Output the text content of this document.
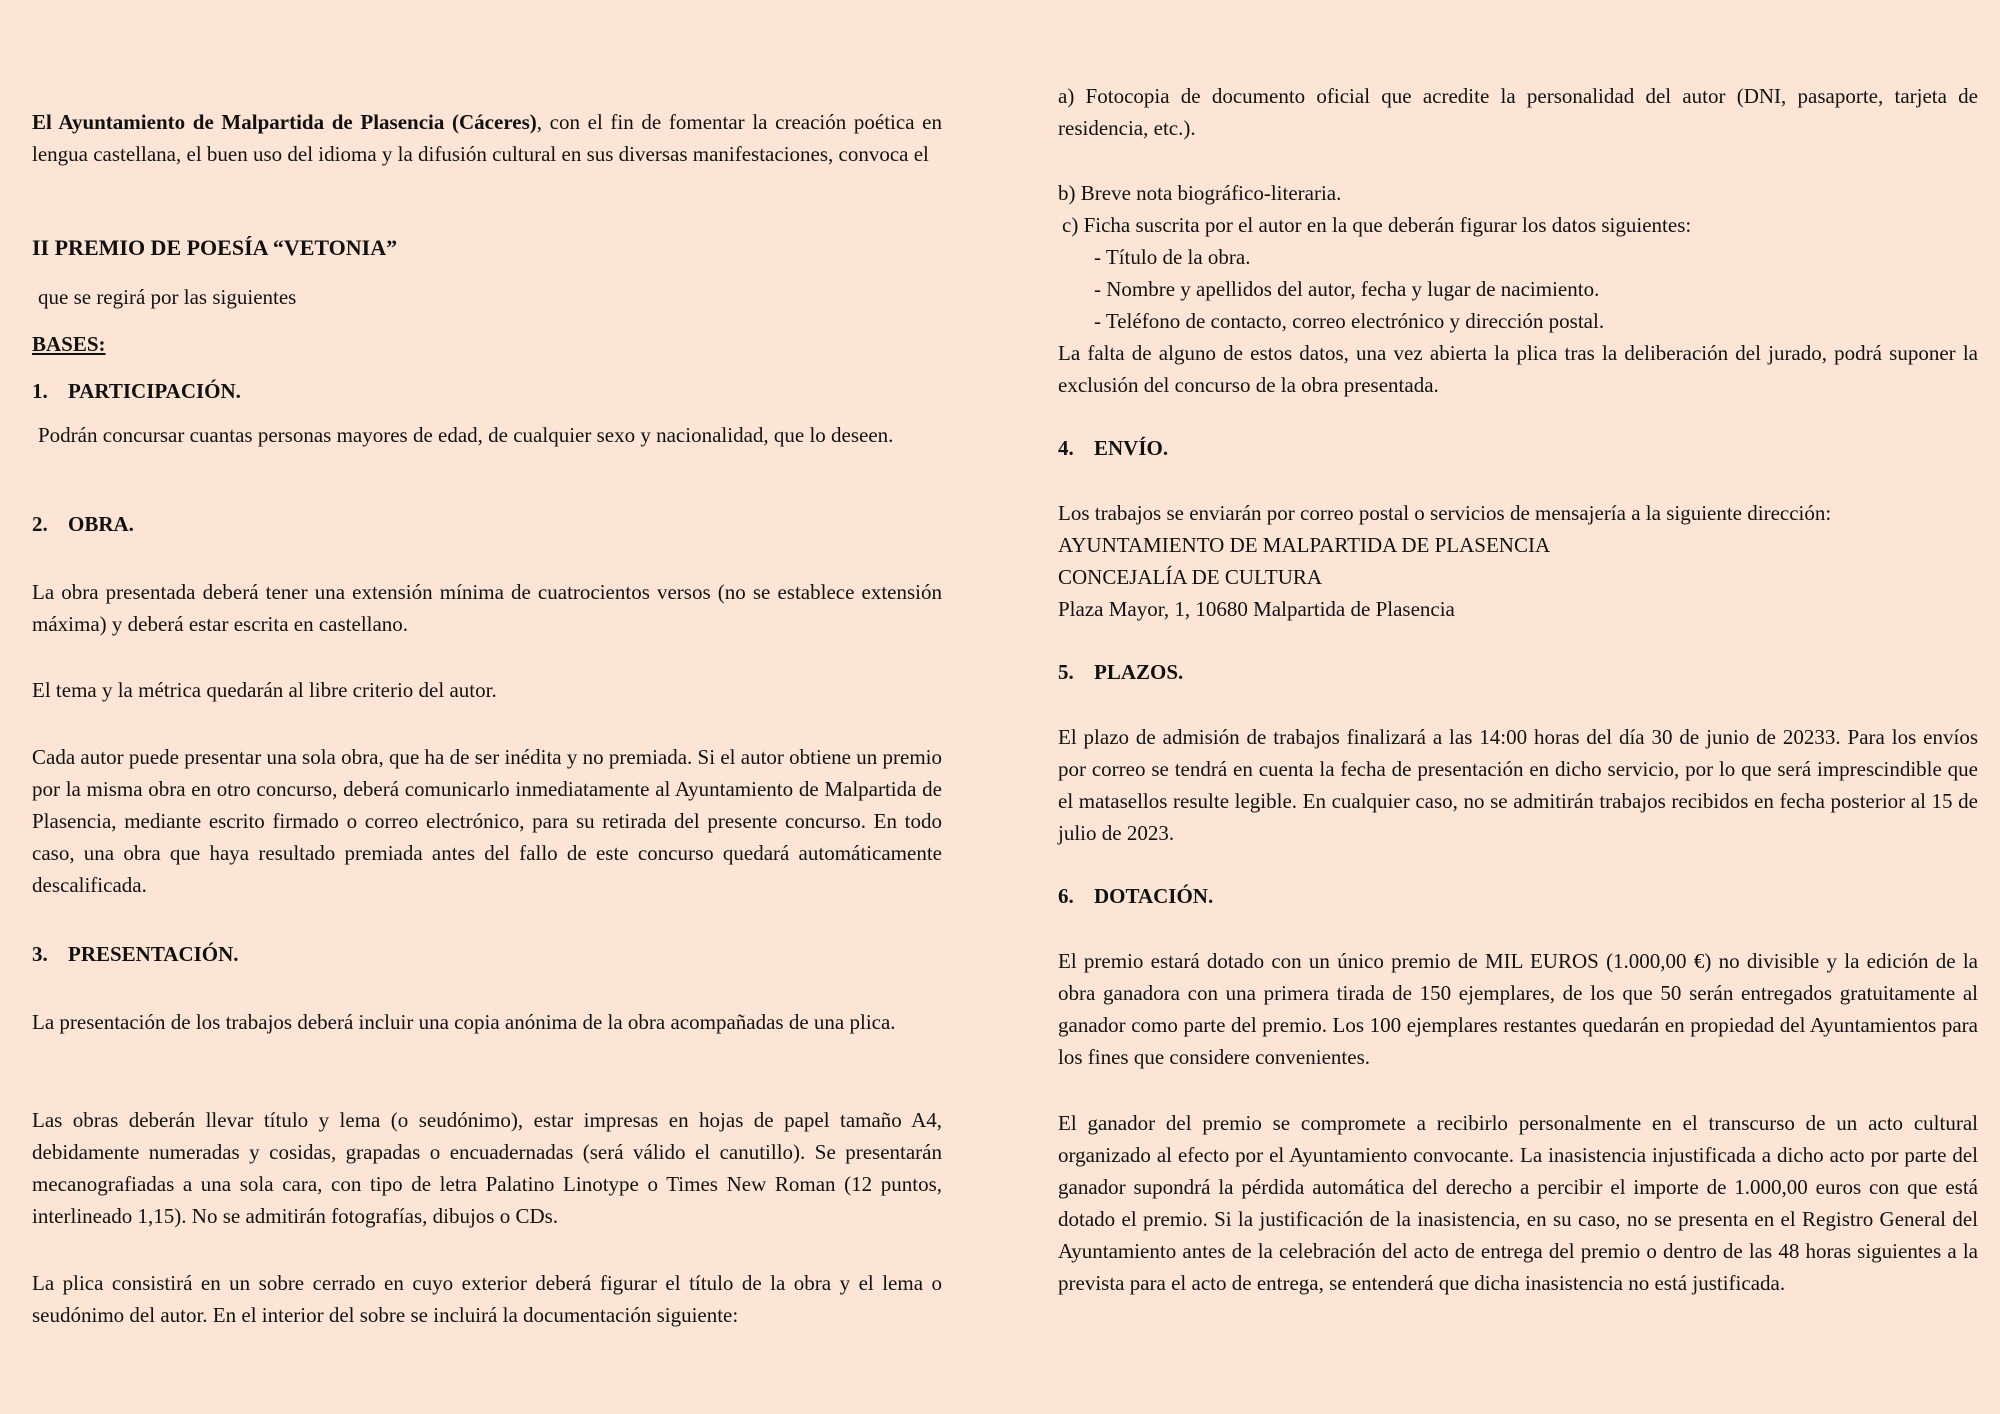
El Ayuntamiento de Malpartida de Plasencia (Cáceres), con el fin de fomentar la creación poética en lengua castellana, el buen uso del idioma y la difusión cultural en sus diversas manifestaciones, convoca el

II PREMIO DE POESÍA “VETONIA”

que se regirá por las siguientes

BASES:

1. PARTICIPACIÓN.

Podrán concursar cuantas personas mayores de edad, de cualquier sexo y nacionalidad, que lo deseen.

2. OBRA.

La obra presentada deberá tener una extensión mínima de cuatrocientos versos (no se establece extensión máxima) y deberá estar escrita en castellano.

El tema y la métrica quedarán al libre criterio del autor.

Cada autor puede presentar una sola obra, que ha de ser inédita y no premiada. Si el autor obtiene un premio por la misma obra en otro concurso, deberá comunicarlo inmediatamente al Ayuntamiento de Malpartida de Plasencia, mediante escrito firmado o correo electrónico, para su retirada del presente concurso. En todo caso, una obra que haya resultado premiada antes del fallo de este concurso quedará automáticamente descalificada.

3. PRESENTACIÓN.

La presentación de los trabajos deberá incluir una copia anónima de la obra acompañadas de una plica.

Las obras deberán llevar título y lema (o seudónimo), estar impresas en hojas de papel tamaño A4, debidamente numeradas y cosidas, grapadas o encuadernadas (será válido el canutillo). Se presentarán mecanografiadas a una sola cara, con tipo de letra Palatino Linotype o Times New Roman (12 puntos, interlineado 1,15). No se admitirán fotografías, dibujos o CDs.

La plica consistirá en un sobre cerrado en cuyo exterior deberá figurar el título de la obra y el lema o seudónimo del autor. En el interior del sobre se incluirá la documentación siguiente:

a) Fotocopia de documento oficial que acredite la personalidad del autor (DNI, pasaporte, tarjeta de residencia, etc.).

b) Breve nota biográfico-literaria.

c) Ficha suscrita por el autor en la que deberán figurar los datos siguientes:

- Título de la obra.

- Nombre y apellidos del autor, fecha y lugar de nacimiento.

- Teléfono de contacto, correo electrónico y dirección postal.

La falta de alguno de estos datos, una vez abierta la plica tras la deliberación del jurado, podrá suponer la exclusión del concurso de la obra presentada.

4. ENVÍO.

Los trabajos se enviarán por correo postal o servicios de mensajería a la siguiente dirección:

AYUNTAMIENTO DE MALPARTIDA DE PLASENCIA

CONCEJALÍA DE CULTURA

Plaza Mayor, 1, 10680 Malpartida de Plasencia

5. PLAZOS.

El plazo de admisión de trabajos finalizará a las 14:00 horas del día 30 de junio de 20233. Para los envíos por correo se tendrá en cuenta la fecha de presentación en dicho servicio, por lo que será imprescindible que el matasellos resulte legible. En cualquier caso, no se admitirán trabajos recibidos en fecha posterior al 15 de julio de 2023.

6. DOTACIÓN.

El premio estará dotado con un único premio de MIL EUROS (1.000,00 €) no divisible y la edición de la obra ganadora con una primera tirada de 150 ejemplares, de los que 50 serán entregados gratuitamente al ganador como parte del premio. Los 100 ejemplares restantes quedarán en propiedad del Ayuntamientos para los fines que considere convenientes.

El ganador del premio se compromete a recibirlo personalmente en el transcurso de un acto cultural organizado al efecto por el Ayuntamiento convocante. La inasistencia injustificada a dicho acto por parte del ganador supondrá la pérdida automática del derecho a percibir el importe de 1.000,00 euros con que está dotado el premio. Si la justificación de la inasistencia, en su caso, no se presenta en el Registro General del Ayuntamiento antes de la celebración del acto de entrega del premio o dentro de las 48 horas siguientes a la prevista para el acto de entrega, se entenderá que dicha inasistencia no está justificada.
